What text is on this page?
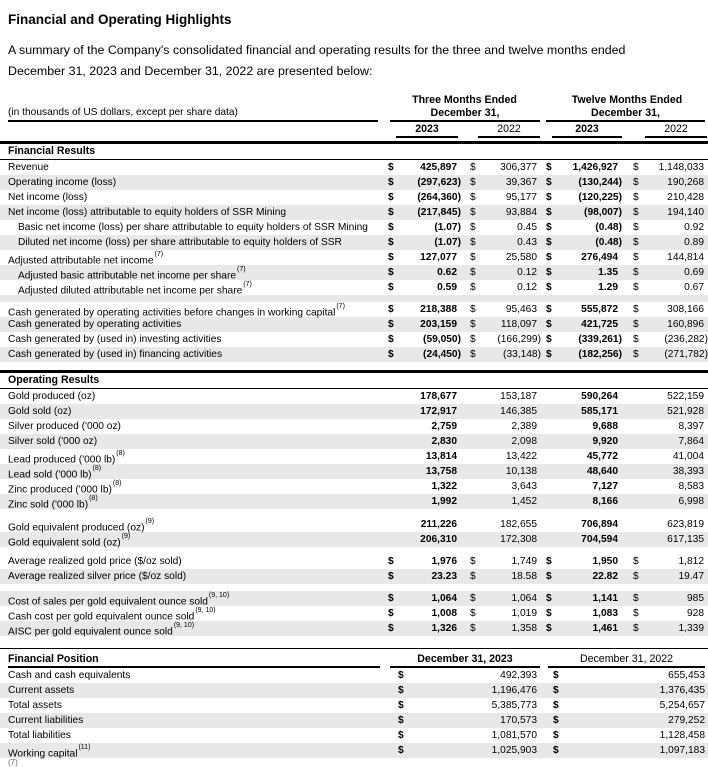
Financial and Operating Highlights
A summary of the Company's consolidated financial and operating results for the three and twelve months ended
December 31, 2023 and December 31, 2022 are presented below:
Three Months Ended	Twelve Months Ended
(in thousands of US dollars, except per share data)	December 31,	December 31,
2023	2022	2023	2022
Financial Results
Revenue	$	425,897	$	306,377 $	1,426,927	$	1,148,033
Operating income (loss)	$	(297,623) $	39,367 $	(130,244) $	190,268
Net income (loss)	$	(264,360) $	95,177 $	(120,225) $	210,428
Net income (loss) attributable to equity holders of SSR Mining	$	(217,845) $	93,884 $	(98,007) $	194,140
Basic net income (loss) per share attributable to equity holders of SSR Mining	$	(1.07) $	0.45 $	(0.48) $	0.92
Diluted net income (loss) per share attributable to equity holders of SSR	$	(1.07) $	0.43 $	(0.48) $	0.89
Adjusted attributable net income$^{(7)}$	$	127,077	$	25,580 $	276,494	$	144,814
Adjusted basic attributable net income per share$^{(7)}$	$	0.62	$	0.12 $	1.35	$	0.69
Adjusted diluted attributable net income per share$^{(7)}$	$	0.59	$	0.12 $	1.29	$	0.67
Cash generated by operating activities before changes in working capital$^{(7)}$	$	218,388	$	95,463 $	555,872	$	308,166
Cash generated by operating activities	$	203,159	$	118,097 $	421,725	$	160,896
Cash generated by (used in) investing activities	$	(59,050) $	(166,299) $	(339,261) $	(236,282)
Cash generated by (used in) financing activities	$	(24,450) $	(33,148) $	(182,256) $	(271,782)
Operating Results
Gold produced (oz)	178,677	153,187	590,264	522,159
Gold sold (oz)	172,917	146,385	585,171	521,928
Silver produced ('000 oz)	2,759	2,389	9,688	8,397
Silver sold ('000 oz)	2,830	2,098	9,920	7,864
Lead produced ('000 lb)$^{(8)}$	13,814	13,422	45,772	41,004
Lead sold ('000 lb)$^{(8)}$	13,758	10,138	48,640	38,393
Zinc produced ('000 lb)$^{(8)}$	1,322	3,643	7,127	8,583
Zinc sold ('000 lb)$^{(8)}$	1,992	1,452	8,166	6,998
Gold equivalent produced (oz)$^{(9)}$	211,226	182,655	706,894	623,819
Gold equivalent sold (oz)$^{(9)}$	206,310	172,308	704,594	617,135
Average realized gold price ($/oz sold)	$	1,976	$	1,749 $	1,950	$	1,812
Average realized silver price ($/oz sold)	$	23.23	$	18.58 $	22.82	$	19.47
Cost of sales per gold equivalent ounce sold$^{(9, 10)}$	$	1,064	$	1,064 $	1,141	$	985
Cash cost per gold equivalent ounce sold$^{(9, 10)}$	$	1,008	$	1,019 $	1,083	$	928
AISC per gold equivalent ounce sold$^{(9, 10)}$	$	1,326	$	1,358 $	1,461	$	1,339
Financial Position	December 31, 2023	December 31, 2022
Cash and cash equivalents	$	492,393 $	655,453
Current assets	$	1,196,476 $	1,376,435
Total assets	$	5,385,773 $	5,254,657
Current liabilities	$	170,573 $	279,252
Total liabilities	$	1,081,570 $	1,128,458
Working capital$^{(11)}$	$	1,025,903 $	1,097,183
(7)
